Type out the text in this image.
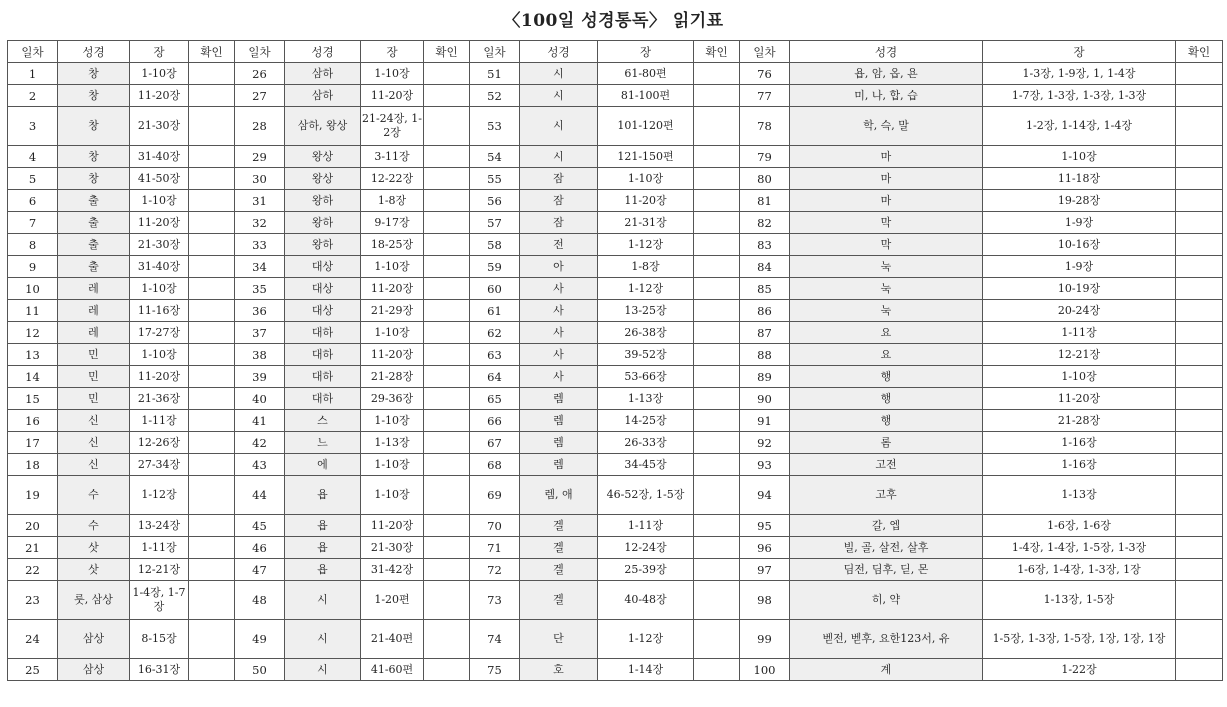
〈100일 성경통독〉 읽기표
일차	성경	장	확인	일차	성경	장	확인	일차	성경	장	확인	일차	성경	장	확인
1	창	1-10장		26	삼하	1-10장		51	시	61-80편		76	욥, 암, 옵, 욘	1-3장, 1-9장, 1, 1-4장	
2	창	11-20장		27	삼하	11-20장		52	시	81-100편		77	미, 나, 합, 습	1-7장, 1-3장, 1-3장, 1-3장	
3	창	21-30장		28	삼하, 왕상	21-24장, 1-2장		53	시	101-120편		78	학, 슥, 말	1-2장, 1-14장, 1-4장	
4	창	31-40장		29	왕상	3-11장		54	시	121-150편		79	마	1-10장	
5	창	41-50장		30	왕상	12-22장		55	잠	1-10장		80	마	11-18장	
6	출	1-10장		31	왕하	1-8장		56	잠	11-20장		81	마	19-28장	
7	출	11-20장		32	왕하	9-17장		57	잠	21-31장		82	막	1-9장	
8	출	21-30장		33	왕하	18-25장		58	전	1-12장		83	막	10-16장	
9	출	31-40장		34	대상	1-10장		59	아	1-8장		84	눅	1-9장	
10	레	1-10장		35	대상	11-20장		60	사	1-12장		85	눅	10-19장	
11	레	11-16장		36	대상	21-29장		61	사	13-25장		86	눅	20-24장	
12	레	17-27장		37	대하	1-10장		62	사	26-38장		87	요	1-11장	
13	민	1-10장		38	대하	11-20장		63	사	39-52장		88	요	12-21장	
14	민	11-20장		39	대하	21-28장		64	사	53-66장		89	행	1-10장	
15	민	21-36장		40	대하	29-36장		65	렘	1-13장		90	행	11-20장	
16	신	1-11장		41	스	1-10장		66	렘	14-25장		91	행	21-28장	
17	신	12-26장		42	느	1-13장		67	렘	26-33장		92	롬	1-16장	
18	신	27-34장		43	에	1-10장		68	렘	34-45장		93	고전	1-16장	
19	수	1-12장		44	욥	1-10장		69	렘, 애	46-52장, 1-5장		94	고후	1-13장	
20	수	13-24장		45	욥	11-20장		70	겔	1-11장		95	갈, 엡	1-6장, 1-6장	
21	삿	1-11장		46	욥	21-30장		71	겔	12-24장		96	빌, 골, 살전, 살후	1-4장, 1-4장, 1-5장, 1-3장	
22	삿	12-21장		47	욥	31-42장		72	겔	25-39장		97	딤전, 딤후, 딛, 몬	1-6장, 1-4장, 1-3장, 1장	
23	룻, 삼상	1-4장, 1-7장		48	시	1-20편		73	겔	40-48장		98	히, 약	1-13장, 1-5장	
24	삼상	8-15장		49	시	21-40편		74	단	1-12장		99	벧전, 벧후, 요한123서, 유	1-5장, 1-3장, 1-5장, 1장, 1장, 1장	
25	삼상	16-31장		50	시	41-60편		75	호	1-14장		100	계	1-22장	
